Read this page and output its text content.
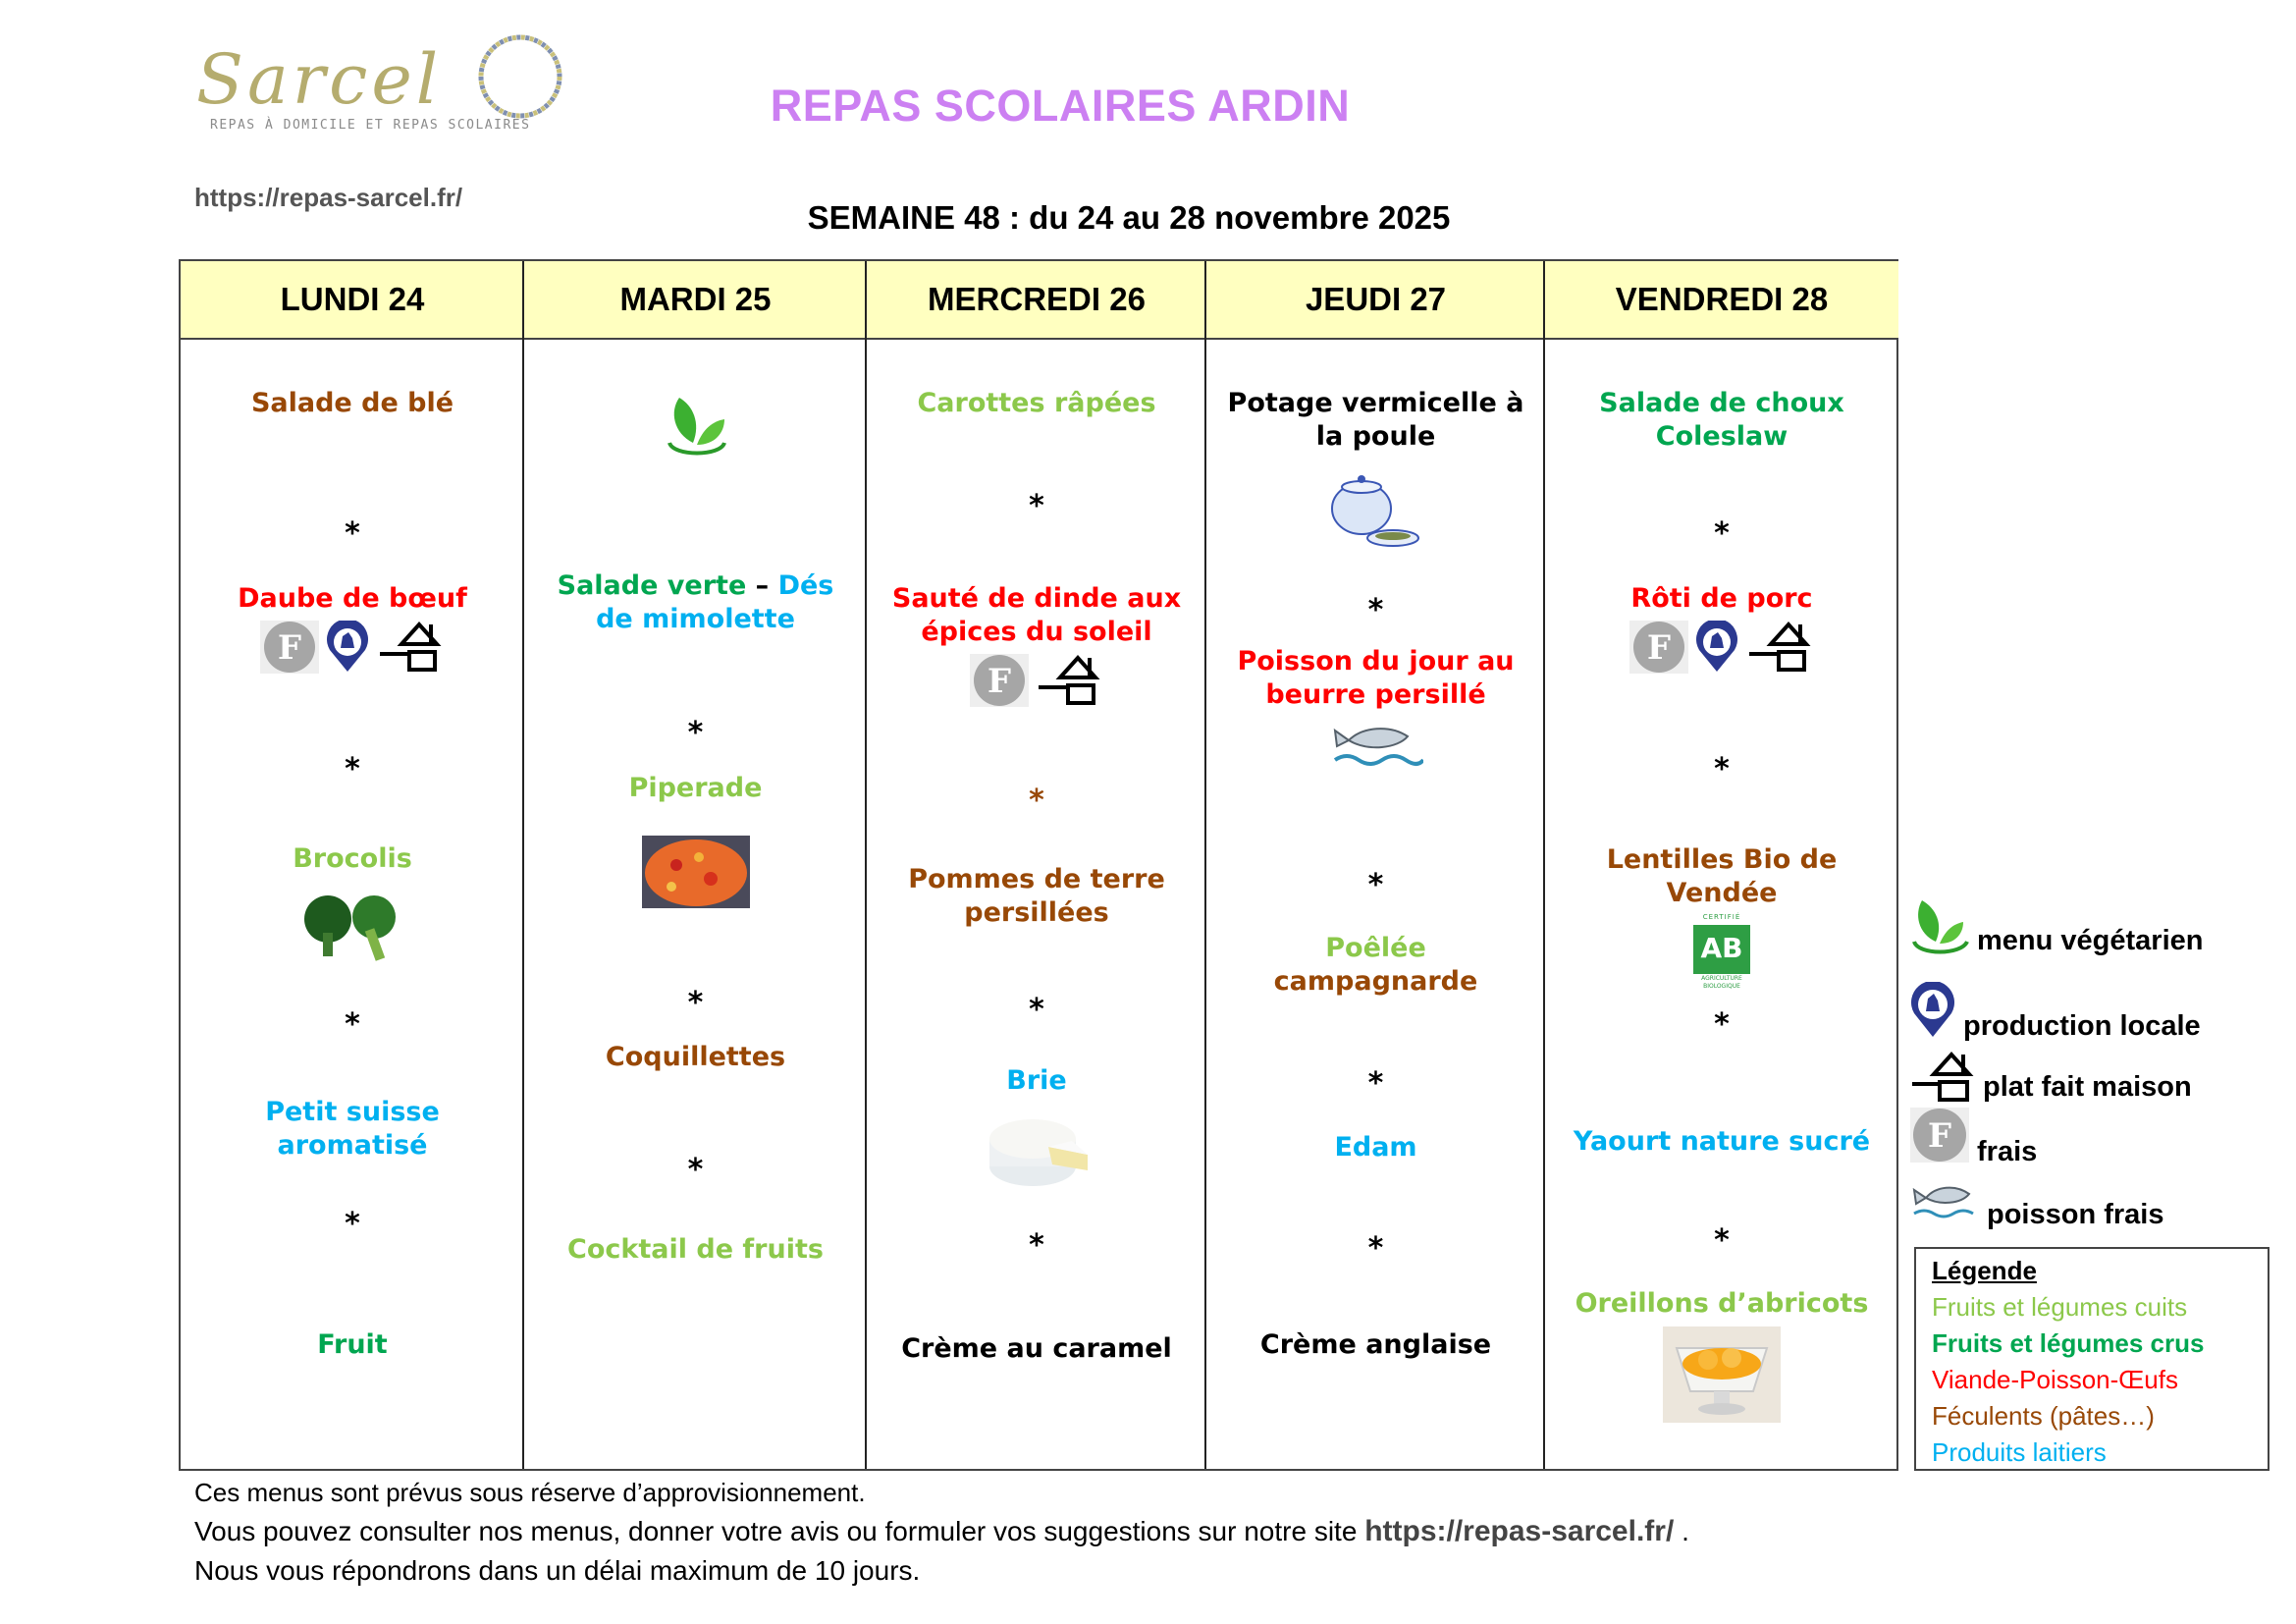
Sarcel
REPAS À DOMICILE ET REPAS SCOLAIRES	REPAS SCOLAIRES ARDIN
https://repas-sarcel.fr/
SEMAINE 48 : du 24 au 28 novembre 2025
LUNDI 24
Salade de blé
*
Daube de bœuf
F
*
Brocolis
*
Petit suisse aromatisé
*
Fruit
MARDI 25
Salade verte – Dés de mimolette
*
Piperade
*
Coquillettes
*
Cocktail de fruits
MERCREDI 26
Carottes râpées
*
Sauté de dinde aux épices du soleil
F
*
Pommes de terre persillées
*
Brie
*
Crème au caramel
JEUDI 27
Potage vermicelle à la poule
*
Poisson du jour au beurre persillé
*
Poêlée
campagnarde
*
Edam
*
Crème anglaise
VENDREDI 28
Salade de choux Coleslaw
*
Rôti de porc
F
*
Lentilles Bio de Vendée
CERTIFIÉ
AB
AGRICULTURE
BIOLOGIQUE
*
Yaourt nature sucré
*
Oreillons d’abricots
menu végétarien
production locale
plat fait maison
F frais
poisson frais
Légende
Fruits et légumes cuits
Fruits et légumes crus
Viande-Poisson-Œufs
Féculents (pâtes…)
Produits laitiers
Ces menus sont prévus sous réserve d’approvisionnement.
Vous pouvez consulter nos menus, donner votre avis ou formuler vos suggestions sur notre site https://repas-sarcel.fr/ .
Nous vous répondrons dans un délai maximum de 10 jours.
